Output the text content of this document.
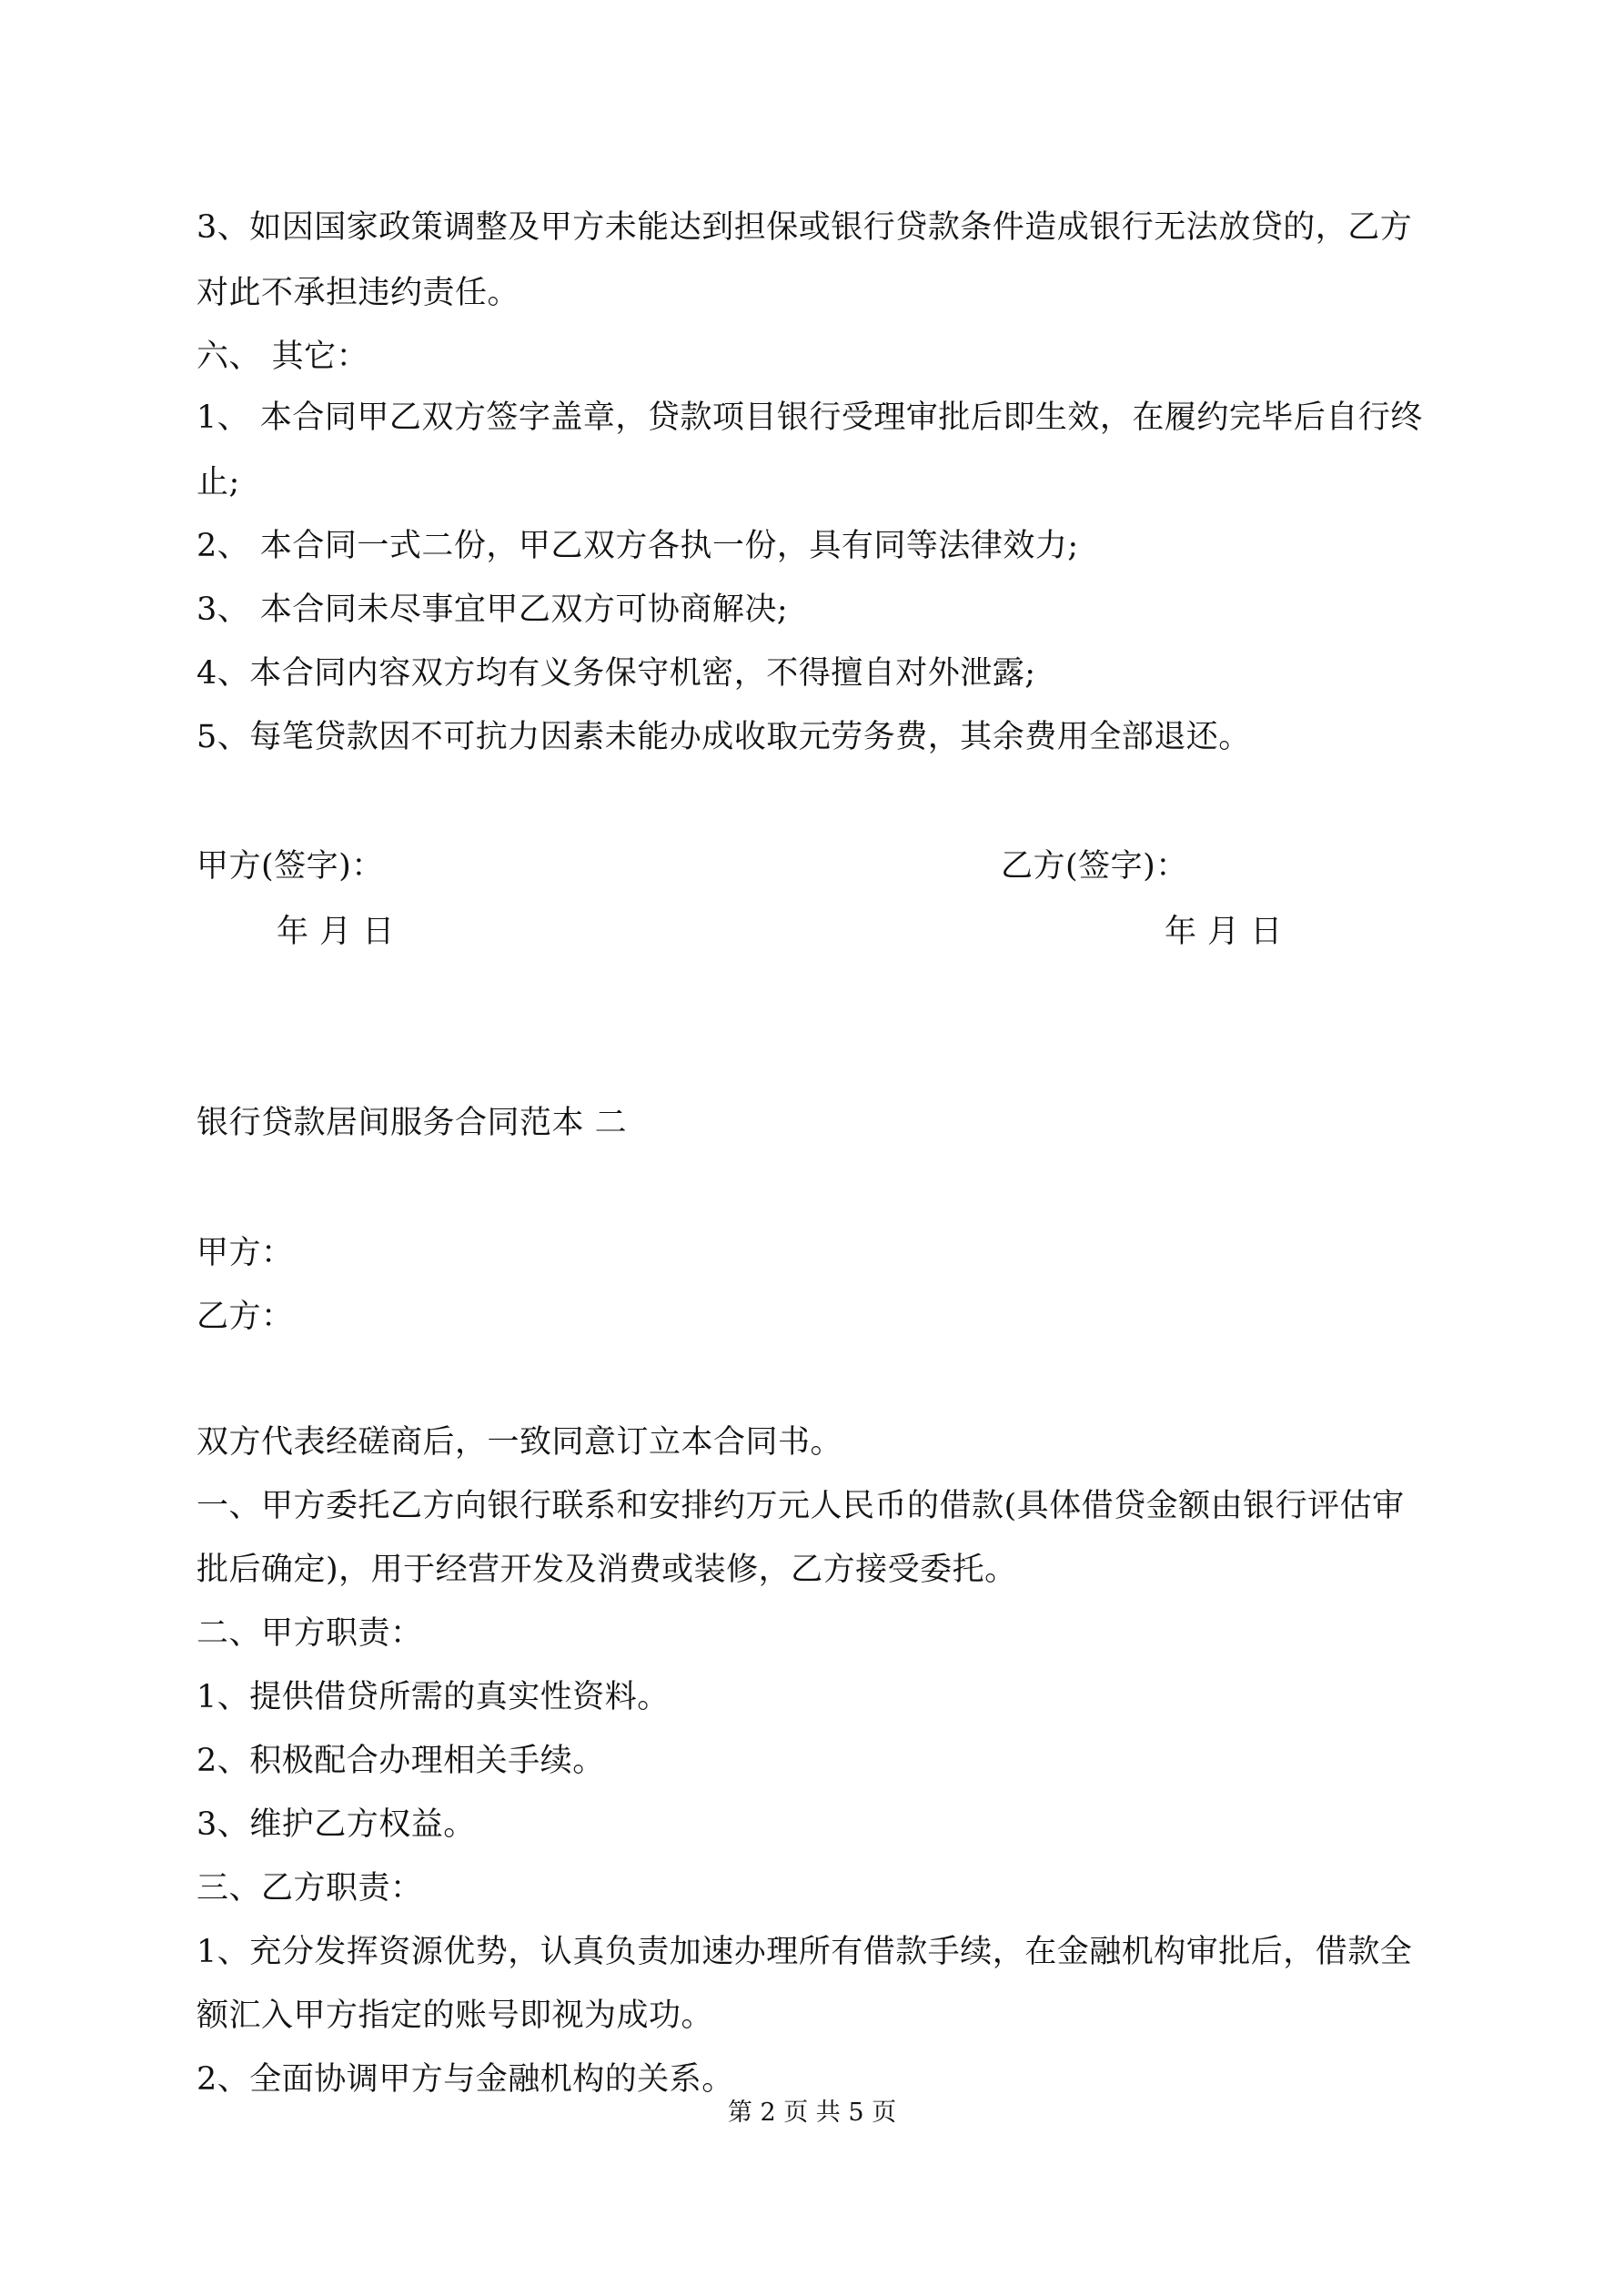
3、如因国家政策调整及甲方未能达到担保或银行贷款条件造成银行无法放贷的，乙方
对此不承担违约责任。
六、 其它：
1、 本合同甲乙双方签字盖章，贷款项目银行受理审批后即生效，在履约完毕后自行终
止;
2、 本合同一式二份，甲乙双方各执一份，具有同等法律效力;
3、 本合同未尽事宜甲乙双方可协商解决;
4、本合同内容双方均有义务保守机密，不得擅自对外泄露;
5、每笔贷款因不可抗力因素未能办成收取元劳务费，其余费用全部退还。
甲方(签字)：	乙方(签字)：
年 月 日	年 月 日
银行贷款居间服务合同范本 二
甲方：
乙方：
双方代表经磋商后，一致同意订立本合同书。
一、甲方委托乙方向银行联系和安排约万元人民币的借款(具体借贷金额由银行评估审
批后确定)，用于经营开发及消费或装修，乙方接受委托。
二、甲方职责：
1、提供借贷所需的真实性资料。
2、积极配合办理相关手续。
3、维护乙方权益。
三、乙方职责：
1、充分发挥资源优势，认真负责加速办理所有借款手续，在金融机构审批后，借款全
额汇入甲方指定的账号即视为成功。
2、全面协调甲方与金融机构的关系。
第 2 页 共 5 页
